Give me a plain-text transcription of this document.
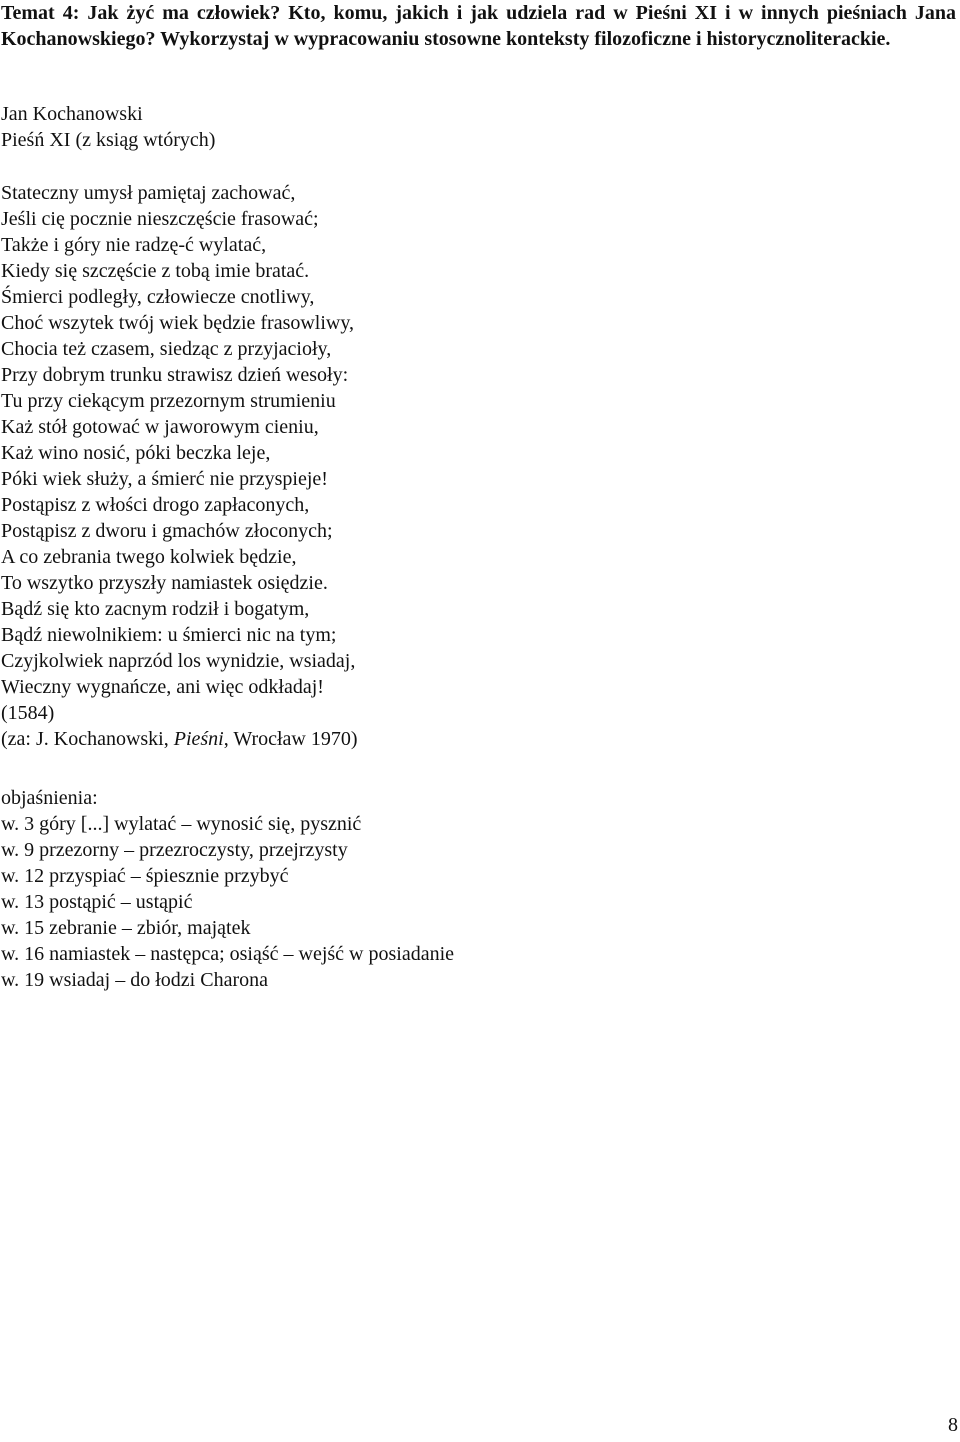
Temat 4: Jak żyć ma człowiek? Kto, komu, jakich i jak udziela rad w Pieśni XI i w innych pieśniach Jana Kochanowskiego? Wykorzystaj w wypracowaniu stosowne konteksty filozoficzne i historycznoliterackie.

Jan Kochanowski
Pieśń XI (z ksiąg wtórych)
Stateczny umysł pamiętaj zachować,
Jeśli cię pocznie nieszczęście frasować;
Także i góry nie radzę-ć wylatać,
Kiedy się szczęście z tobą imie bratać.
Śmierci podległy, człowiecze cnotliwy,
Choć wszytek twój wiek będzie frasowliwy,
Chocia też czasem, siedząc z przyjacioły,
Przy dobrym trunku strawisz dzień wesoły:
Tu przy ciekącym przezornym strumieniu
Każ stół gotować w jaworowym cieniu,
Każ wino nosić, póki beczka leje,
Póki wiek służy, a śmierć nie przyspieje!
Postąpisz z włości drogo zapłaconych,
Postąpisz z dworu i gmachów złoconych;
A co zebrania twego kolwiek będzie,
To wszytko przyszły namiastek osiędzie.
Bądź się kto zacnym rodził i bogatym,
Bądź niewolnikiem: u śmierci nic na tym;
Czyjkolwiek naprzód los wynidzie, wsiadaj,
Wieczny wygnańcze, ani więc odkładaj!
(1584)
(za: J. Kochanowski, Pieśni, Wrocław 1970)
objaśnienia:
w. 3 góry [...] wylatać – wynosić się, pysznić
w. 9 przezorny – przezroczysty, przejrzysty
w. 12 przyspiać – śpiesznie przybyć
w. 13 postąpić – ustąpić
w. 15 zebranie – zbiór, majątek
w. 16 namiastek – następca; osiąść – wejść w posiadanie
w. 19 wsiadaj – do łodzi Charona

8
